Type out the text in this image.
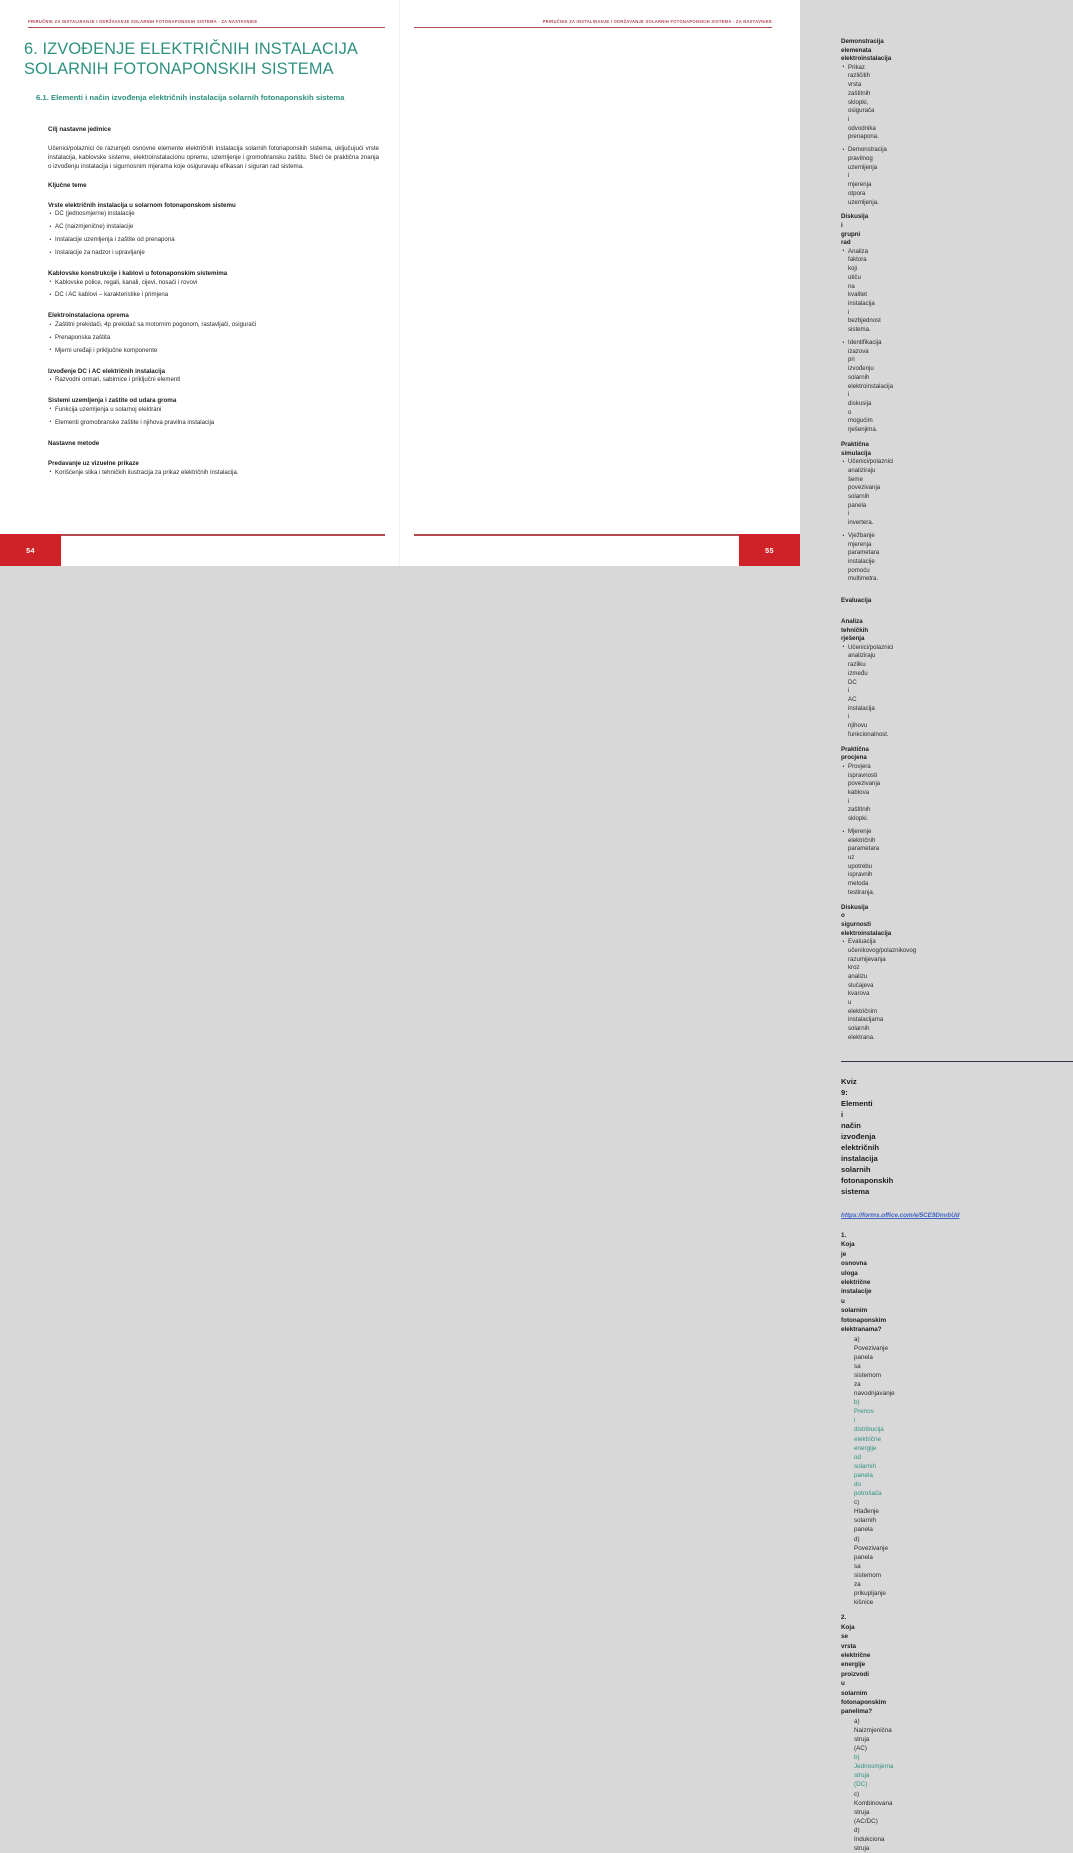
PRIRUČNIK ZA INSTALIRANJE I ODRŽAVANJE SOLARNIH FOTONAPONSKIH SISTEMA - ZA NASTAVNIKE
6. IZVOĐENJE ELEKTRIČNIH INSTALACIJA
SOLARNIH FOTONAPONSKIH SISTEMA
6.1. Elementi i način izvođenja električnih instalacija solarnih fotonaponskih sistema

Cilj nastavne jedinice

Učenici/polaznici će razumjeti osnovne elemente električnih instalacija solarnih fotonaponskih sistema, uključujući vrste instalacija, kablovske sisteme, elektroinstalacionu opremu, uzemljenje i gromobransku zaštitu. Steći će praktična znanja o izvođenju instalacija i sigurnosnim mjerama koje osiguravaju efikasan i siguran rad sistema.

Ključne teme

Vrste električnih instalacija u solarnom fotonaponskom sistemu

• DC (jednosmjerne) instalacije
• AC (naizmjenične) instalacije
• Instalacije uzemljenja i zaštite od prenapona
• Instalacije za nadzor i upravljanje

Kablovske konstrukcije i kablovi u fotonaponskim sistemima

• Kablovske police, regali, kanali, cijevi, nosači i rovovi
• DC i AC kablovi – karakteristike i primjena

Elektroinstalaciona oprema

• Zaštitni prekidači, 4p prekidač sa motornim pogonom, rastavljači, osigurači
• Prenaponska zaštita
• Mjerni uređaji i priključne komponente

Izvođenje DC i AC električnih instalacija

• Razvodni ormari, sabirnice i priključni elementi

Sistemi uzemljenja i zaštite od udara groma

• Funkcija uzemljenja u solarnoj elektrani
• Elementi gromobranske zaštite i njihova pravilna instalacija

Nastavne metode

Predavanje uz vizuelne prikaze

• Korišćenje slika i tehničkih ilustracija za prikaz električnih instalacija.
54
PRIRUČNIK ZA INSTALIRANJE I ODRŽAVANJE SOLARNIH FOTONAPONSKIH SISTEMA - ZA NASTAVNIKE

Demonstracija elemenata elektroinstalacija

• Prikaz različitih vrsta zaštitnih sklopki, osigurača i odvodnika prenapona.
• Demonstracija pravilnog uzemljenja i mjerenja otpora uzemljenja.

Diskusija i grupni rad

• Analiza faktora koji utiču na kvalitet instalacija i bezbjednost sistema.
• Identifikacija izazova pri izvođenju solarnih elektroinstalacija i diskusija o mogućim rješenjima.

Praktična simulacija

• Učenici/polaznici analiziraju šeme povezivanja solarnih panela i invertera.
• Vježbanje mjerenja parametara instalacije pomoću multimetra.

Evaluacija

Analiza tehničkih rješenja

• Učenici/polaznici analiziraju razliku između DC i AC instalacija i njihovu funkcionalnost.

Praktična procjena

• Provjera ispravnosti povezivanja kablova i zaštitnih sklopki.
• Mjerenje električnih parametara uz upotrebu ispravnih metoda testiranja.

Diskusija o sigurnosti elektroinstalacija

• Evaluacija učenikovog/polaznikovog razumijevanja kroz analizu slučajeva kvarova u električnim instalacijama solarnih elektrana.

Kviz 9: Elementi i način izvođenja električnih instalacija solarnih fotonaponskih sistema

https://forms.office.com/e/5CE9DnvbUd

1. Koja je osnovna uloga električne instalacije u solarnim fotonaponskim elektranama?

a) Povezivanje panela sa sistemom za navodnjavanje
b) Prenos i distribucija električne energije od solarnih panela do potrošača
c) Hlađenje solarnih panela
d) Povezivanje panela sa sistemom za prikupljanje kišnice

2. Koja se vrsta električne energije proizvodi u solarnim fotonaponskim panelima?

a) Naizmjenična struja (AC)
b) Jednosmjerna struja (DC)
c) Kombinovana struja (AC/DC)
d) Indukciona struja
55
